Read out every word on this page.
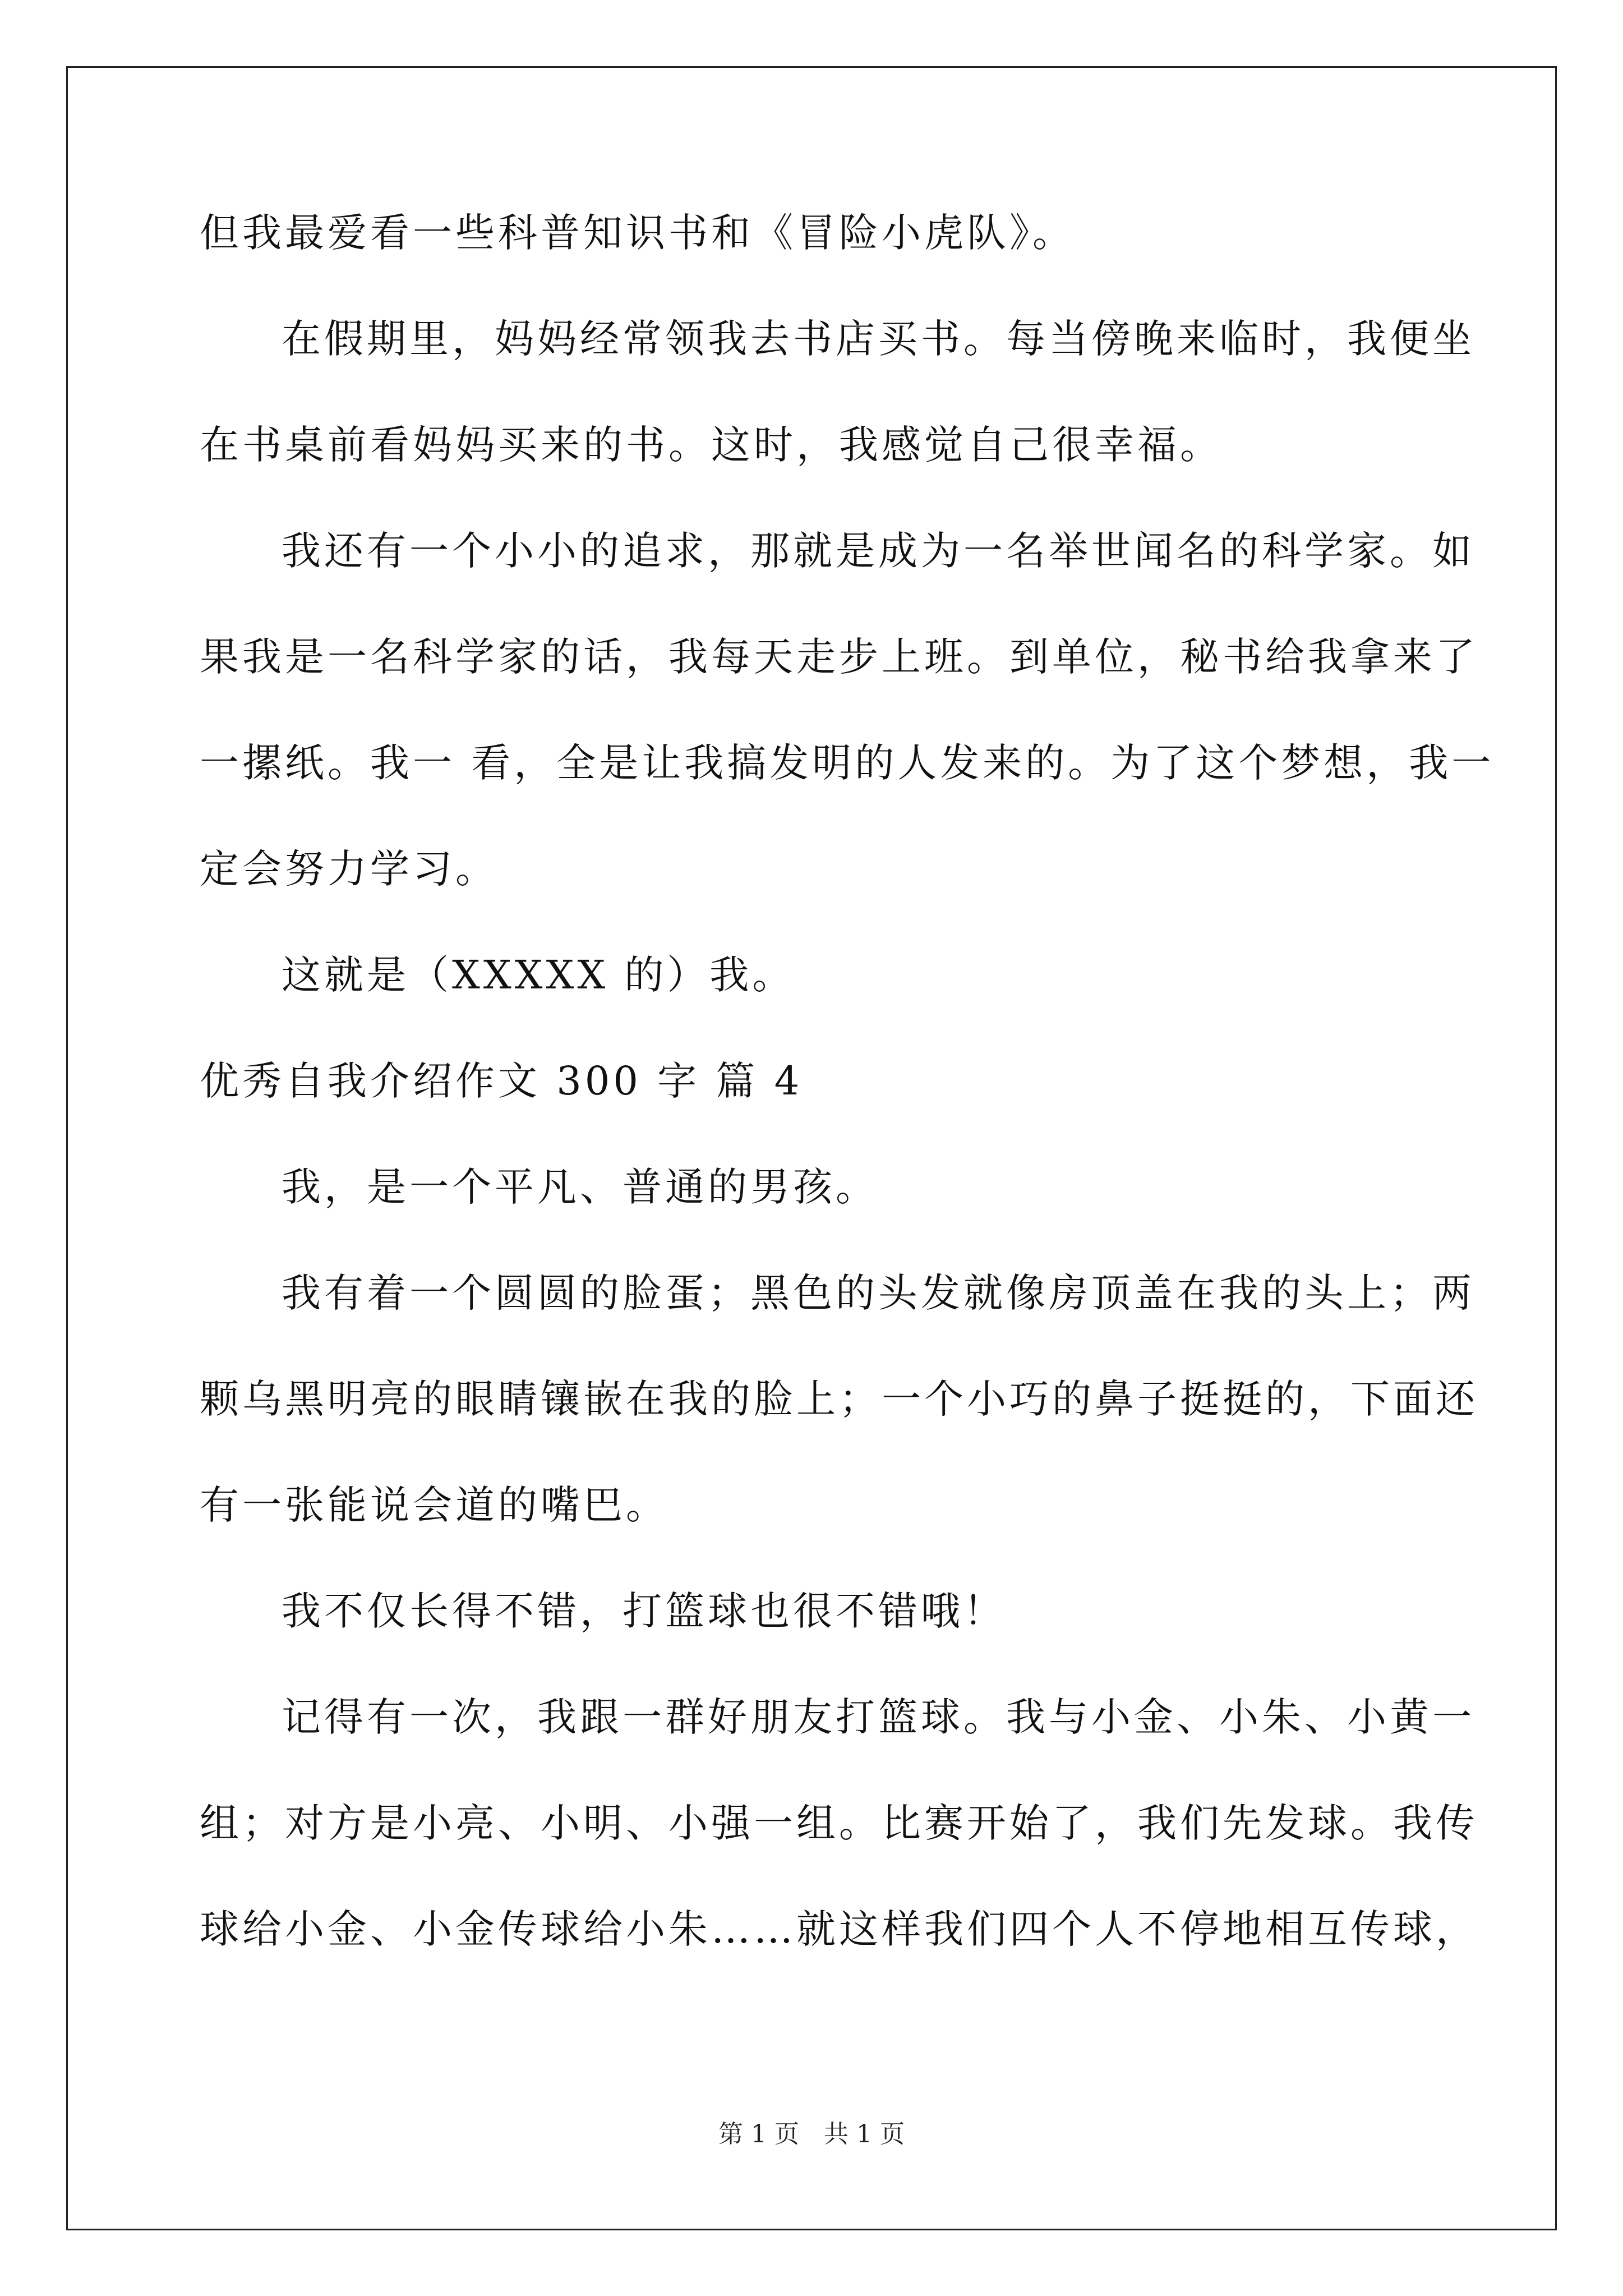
但我最爱看一些科普知识书和《冒险小虎队》。
在假期里，妈妈经常领我去书店买书。每当傍晚来临时，我便坐
在书桌前看妈妈买来的书。这时，我感觉自己很幸福。
我还有一个小小的追求，那就是成为一名举世闻名的科学家。如
果我是一名科学家的话，我每天走步上班。到单位，秘书给我拿来了
一摞纸。我一 看，全是让我搞发明的人发来的。为了这个梦想，我一
定会努力学习。
这就是（XXXXX 的）我。
优秀自我介绍作文 300 字 篇 4
我，是一个平凡、普通的男孩。
我有着一个圆圆的脸蛋；黑色的头发就像房顶盖在我的头上；两
颗乌黑明亮的眼睛镶嵌在我的脸上；一个小巧的鼻子挺挺的，下面还
有一张能说会道的嘴巴。
我不仅长得不错，打篮球也很不错哦！
记得有一次，我跟一群好朋友打篮球。我与小金、小朱、小黄一
组；对方是小亮、小明、小强一组。比赛开始了，我们先发球。我传
球给小金、小金传球给小朱……就这样我们四个人不停地相互传球，
第 1 页　共 1 页
